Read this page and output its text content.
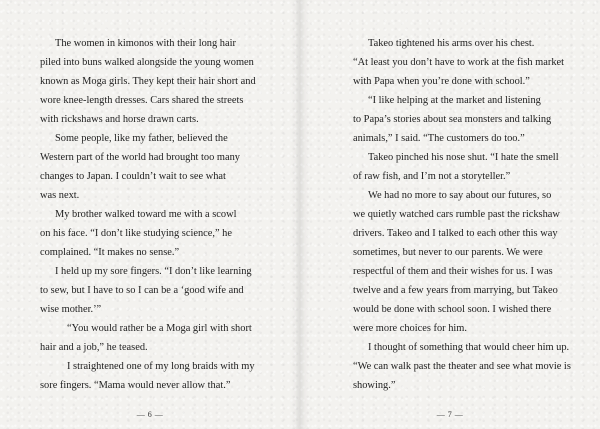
The women in kimonos with their long hair
piled into buns walked alongside the young women
known as Moga girls. They kept their hair short and
wore knee-length dresses. Cars shared the streets
with rickshaws and horse drawn carts.
Some people, like my father, believed the
Western part of the world had brought too many
changes to Japan. I couldn’t wait to see what
was next.
My brother walked toward me with a scowl
on his face. “I don’t like studying science,” he
complained. “It makes no sense.”
I held up my sore fingers. “I don’t like learning
to sew, but I have to so I can be a ‘good wife and
wise mother.’”
“You would rather be a Moga girl with short
hair and a job,” he teased.
I straightened one of my long braids with my
sore fingers. “Mama would never allow that.”
— 6 —
Takeo tightened his arms over his chest.
“At least you don’t have to work at the fish market
with Papa when you’re done with school.”
“I like helping at the market and listening
to Papa’s stories about sea monsters and talking
animals,” I said. “The customers do too.”
Takeo pinched his nose shut. “I hate the smell
of raw fish, and I’m not a storyteller.”
We had no more to say about our futures, so
we quietly watched cars rumble past the rickshaw
drivers. Takeo and I talked to each other this way
sometimes, but never to our parents. We were
respectful of them and their wishes for us. I was
twelve and a few years from marrying, but Takeo
would be done with school soon. I wished there
were more choices for him.
I thought of something that would cheer him up.
“We can walk past the theater and see what movie is
showing.”
— 7 —
